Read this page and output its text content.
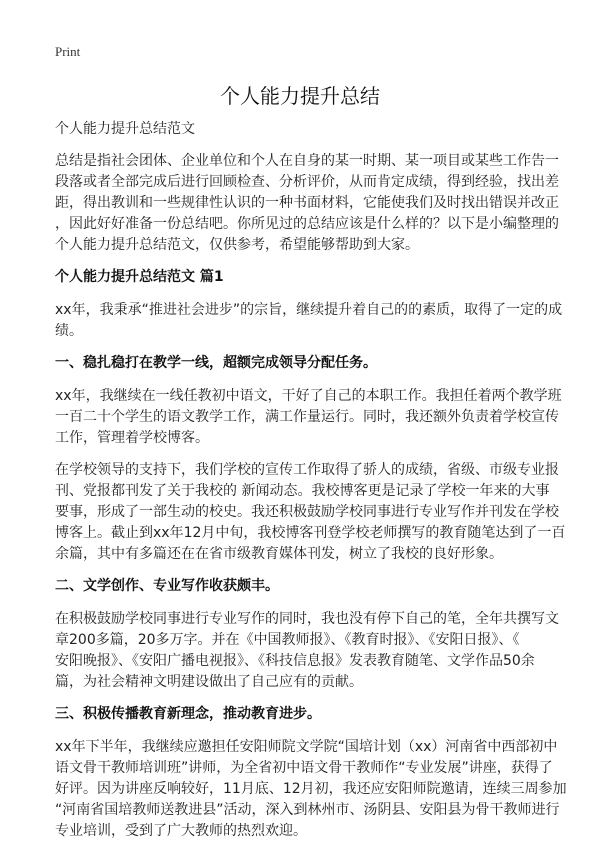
Print
个人能力提升总结
个人能力提升总结范文

总结是指社会团体、企业单位和个人在自身的某一时期、某一项目或某些工作告一
段落或者全部完成后进行回顾检查、分析评价，从而肯定成绩，得到经验，找出差
距，得出教训和一些规律性认识的一种书面材料，它能使我们及时找出错误并改正
，因此好好准备一份总结吧。你所见过的总结应该是什么样的？以下是小编整理的
个人能力提升总结范文，仅供参考，希望能够帮助到大家。

个人能力提升总结范文 篇1

xx年，我秉承“推进社会进步”的宗旨，继续提升着自己的的素质，取得了一定的成
绩。

一、稳扎稳打在教学一线，超额完成领导分配任务。

xx年，我继续在一线任教初中语文，干好了自己的本职工作。我担任着两个教学班
一百二十个学生的语文教学工作，满工作量运行。同时，我还额外负责着学校宣传
工作，管理着学校博客。

在学校领导的支持下，我们学校的宣传工作取得了骄人的成绩，省级、市级专业报
刊、党报都刊发了关于我校的 新闻动态。我校博客更是记录了学校一年来的大事
要事，形成了一部生动的校史。我还积极鼓励学校同事进行专业写作并刊发在学校
博客上。截止到xx年12月中旬，我校博客刊登学校老师撰写的教育随笔达到了一百
余篇，其中有多篇还在在省市级教育媒体刊发，树立了我校的良好形象。

二、文学创作、专业写作收获颇丰。

在积极鼓励学校同事进行专业写作的同时，我也没有停下自己的笔，全年共撰写文
章200多篇，20多万字。并在《中国教师报》、《教育时报》、《安阳日报》、《
安阳晚报》、《安阳广播电视报》、《科技信息报》发表教育随笔、文学作品50余
篇，为社会精神文明建设做出了自己应有的贡献。

三、积极传播教育新理念，推动教育进步。

xx年下半年，我继续应邀担任安阳师院文学院“国培计划（xx）河南省中西部初中
语文骨干教师培训班”讲师，为全省初中语文骨干教师作“专业发展”讲座，获得了
好评。因为讲座反响较好，11月底、12月初，我还应安阳师院邀请，连续三周参加
“河南省国培教师送教进县”活动，深入到林州市、汤阴县、安阳县为骨干教师进行
专业培训，受到了广大教师的热烈欢迎。
